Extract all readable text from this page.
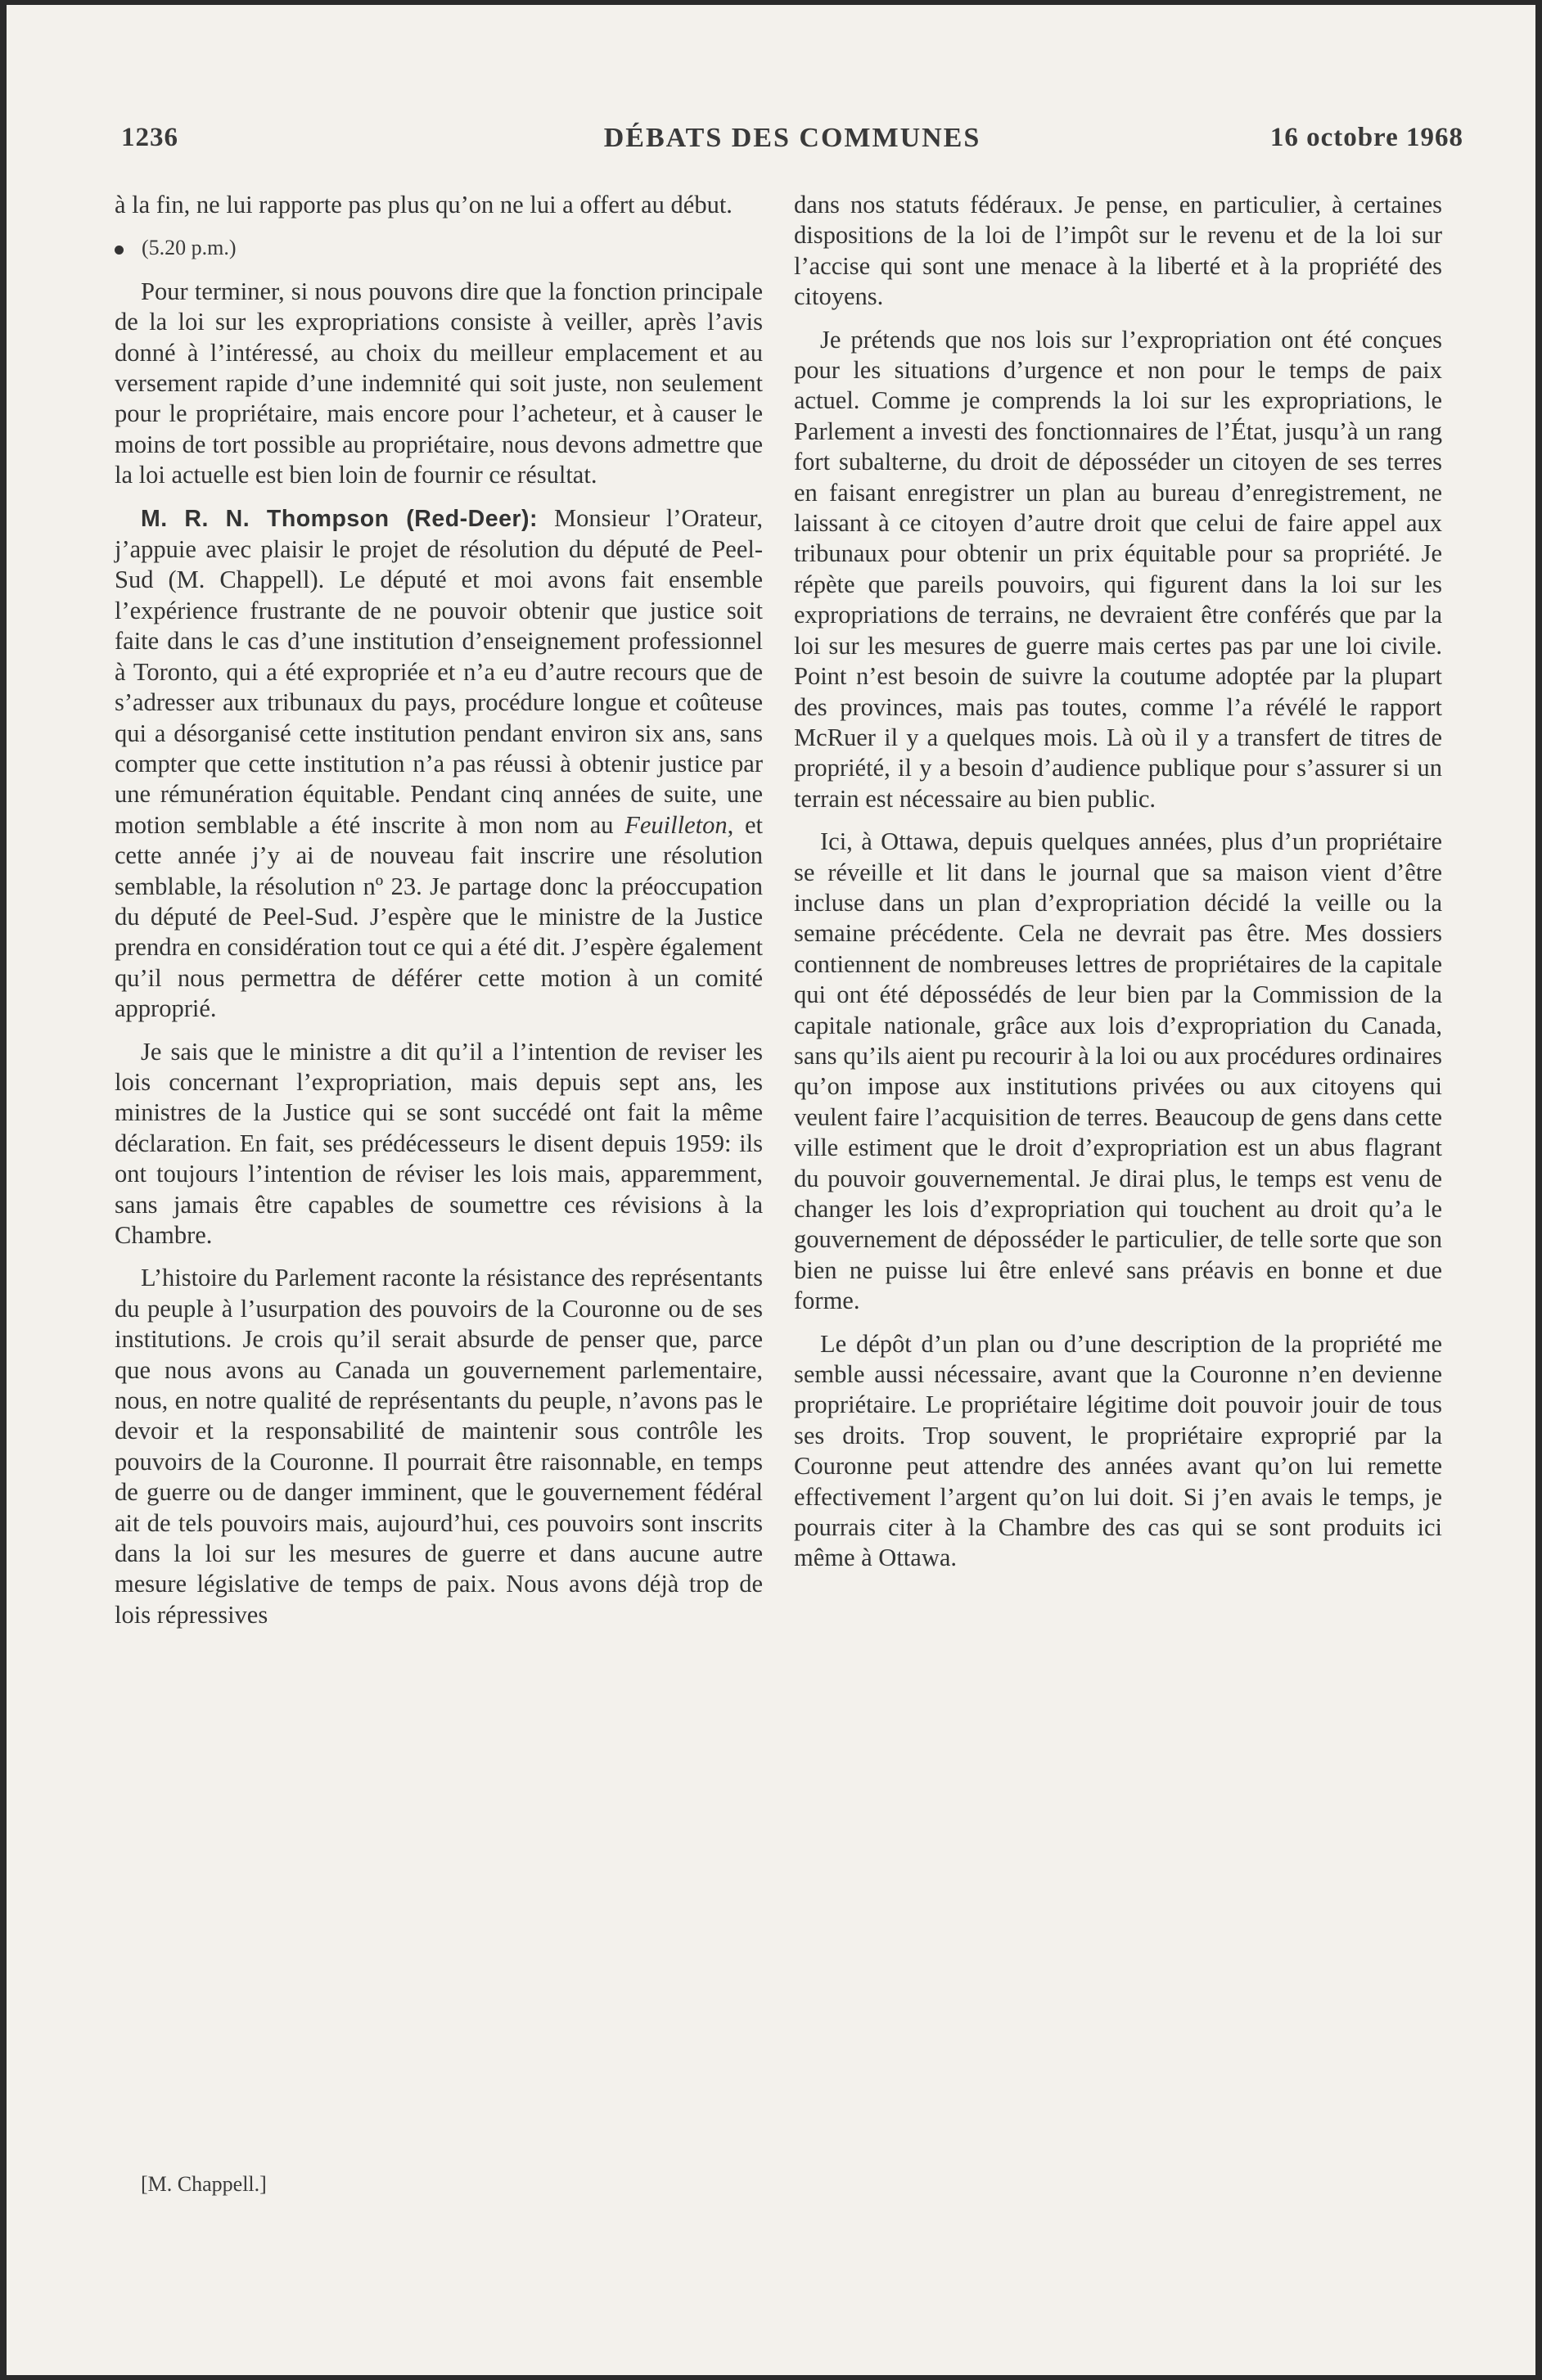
1236	DÉBATS DES COMMUNES	16 octobre 1968

à la fin, ne lui rapporte pas plus qu’on ne lui a offert au début.

(5.20 p.m.)

Pour terminer, si nous pouvons dire que la fonction principale de la loi sur les expropriations consiste à veiller, après l’avis donné à l’intéressé, au choix du meilleur emplacement et au versement rapide d’une indemnité qui soit juste, non seulement pour le propriétaire, mais encore pour l’acheteur, et à causer le moins de tort possible au propriétaire, nous devons admettre que la loi actuelle est bien loin de fournir ce résultat.

M. R. N. Thompson (Red-Deer): Monsieur l’Orateur, j’appuie avec plaisir le projet de résolution du député de Peel-Sud (M. Chappell). Le député et moi avons fait ensemble l’expérience frustrante de ne pouvoir obtenir que justice soit faite dans le cas d’une institution d’enseignement professionnel à Toronto, qui a été expropriée et n’a eu d’autre recours que de s’adresser aux tribunaux du pays, procédure longue et coûteuse qui a désorganisé cette institution pendant environ six ans, sans compter que cette institution n’a pas réussi à obtenir justice par une rémunération équitable. Pendant cinq années de suite, une motion semblable a été inscrite à mon nom au Feuilleton, et cette année j’y ai de nouveau fait inscrire une résolution semblable, la résolution nº 23. Je partage donc la préoccupation du député de Peel-Sud. J’espère que le ministre de la Justice prendra en considération tout ce qui a été dit. J’espère également qu’il nous permettra de déférer cette motion à un comité approprié.

Je sais que le ministre a dit qu’il a l’intention de reviser les lois concernant l’expropriation, mais depuis sept ans, les ministres de la Justice qui se sont succédé ont fait la même déclaration. En fait, ses prédécesseurs le disent depuis 1959: ils ont toujours l’intention de réviser les lois mais, apparemment, sans jamais être capables de soumettre ces révisions à la Chambre.

L’histoire du Parlement raconte la résistance des représentants du peuple à l’usurpation des pouvoirs de la Couronne ou de ses institutions. Je crois qu’il serait absurde de penser que, parce que nous avons au Canada un gouvernement parlementaire, nous, en notre qualité de représentants du peuple, n’avons pas le devoir et la responsabilité de maintenir sous contrôle les pouvoirs de la Couronne. Il pourrait être raisonnable, en temps de guerre ou de danger imminent, que le gouvernement fédéral ait de tels pouvoirs mais, aujourd’hui, ces pouvoirs sont inscrits dans la loi sur les mesures de guerre et dans aucune autre mesure législative de temps de paix. Nous avons déjà trop de lois répressives

dans nos statuts fédéraux. Je pense, en particulier, à certaines dispositions de la loi de l’impôt sur le revenu et de la loi sur l’accise qui sont une menace à la liberté et à la propriété des citoyens.

Je prétends que nos lois sur l’expropriation ont été conçues pour les situations d’urgence et non pour le temps de paix actuel. Comme je comprends la loi sur les expropriations, le Parlement a investi des fonctionnaires de l’État, jusqu’à un rang fort subalterne, du droit de déposséder un citoyen de ses terres en faisant enregistrer un plan au bureau d’enregistrement, ne laissant à ce citoyen d’autre droit que celui de faire appel aux tribunaux pour obtenir un prix équitable pour sa propriété. Je répète que pareils pouvoirs, qui figurent dans la loi sur les expropriations de terrains, ne devraient être conférés que par la loi sur les mesures de guerre mais certes pas par une loi civile. Point n’est besoin de suivre la coutume adoptée par la plupart des provinces, mais pas toutes, comme l’a révélé le rapport McRuer il y a quelques mois. Là où il y a transfert de titres de propriété, il y a besoin d’audience publique pour s’assurer si un terrain est nécessaire au bien public.

Ici, à Ottawa, depuis quelques années, plus d’un propriétaire se réveille et lit dans le journal que sa maison vient d’être incluse dans un plan d’expropriation décidé la veille ou la semaine précédente. Cela ne devrait pas être. Mes dossiers contiennent de nombreuses lettres de propriétaires de la capitale qui ont été dépossédés de leur bien par la Commission de la capitale nationale, grâce aux lois d’expropriation du Canada, sans qu’ils aient pu recourir à la loi ou aux procédures ordinaires qu’on impose aux institutions privées ou aux citoyens qui veulent faire l’acquisition de terres. Beaucoup de gens dans cette ville estiment que le droit d’expropriation est un abus flagrant du pouvoir gouvernemental. Je dirai plus, le temps est venu de changer les lois d’expropriation qui touchent au droit qu’a le gouvernement de déposséder le particulier, de telle sorte que son bien ne puisse lui être enlevé sans préavis en bonne et due forme.

Le dépôt d’un plan ou d’une description de la propriété me semble aussi nécessaire, avant que la Couronne n’en devienne propriétaire. Le propriétaire légitime doit pouvoir jouir de tous ses droits. Trop souvent, le propriétaire exproprié par la Couronne peut attendre des années avant qu’on lui remette effectivement l’argent qu’on lui doit. Si j’en avais le temps, je pourrais citer à la Chambre des cas qui se sont produits ici même à Ottawa.

[M. Chappell.]
